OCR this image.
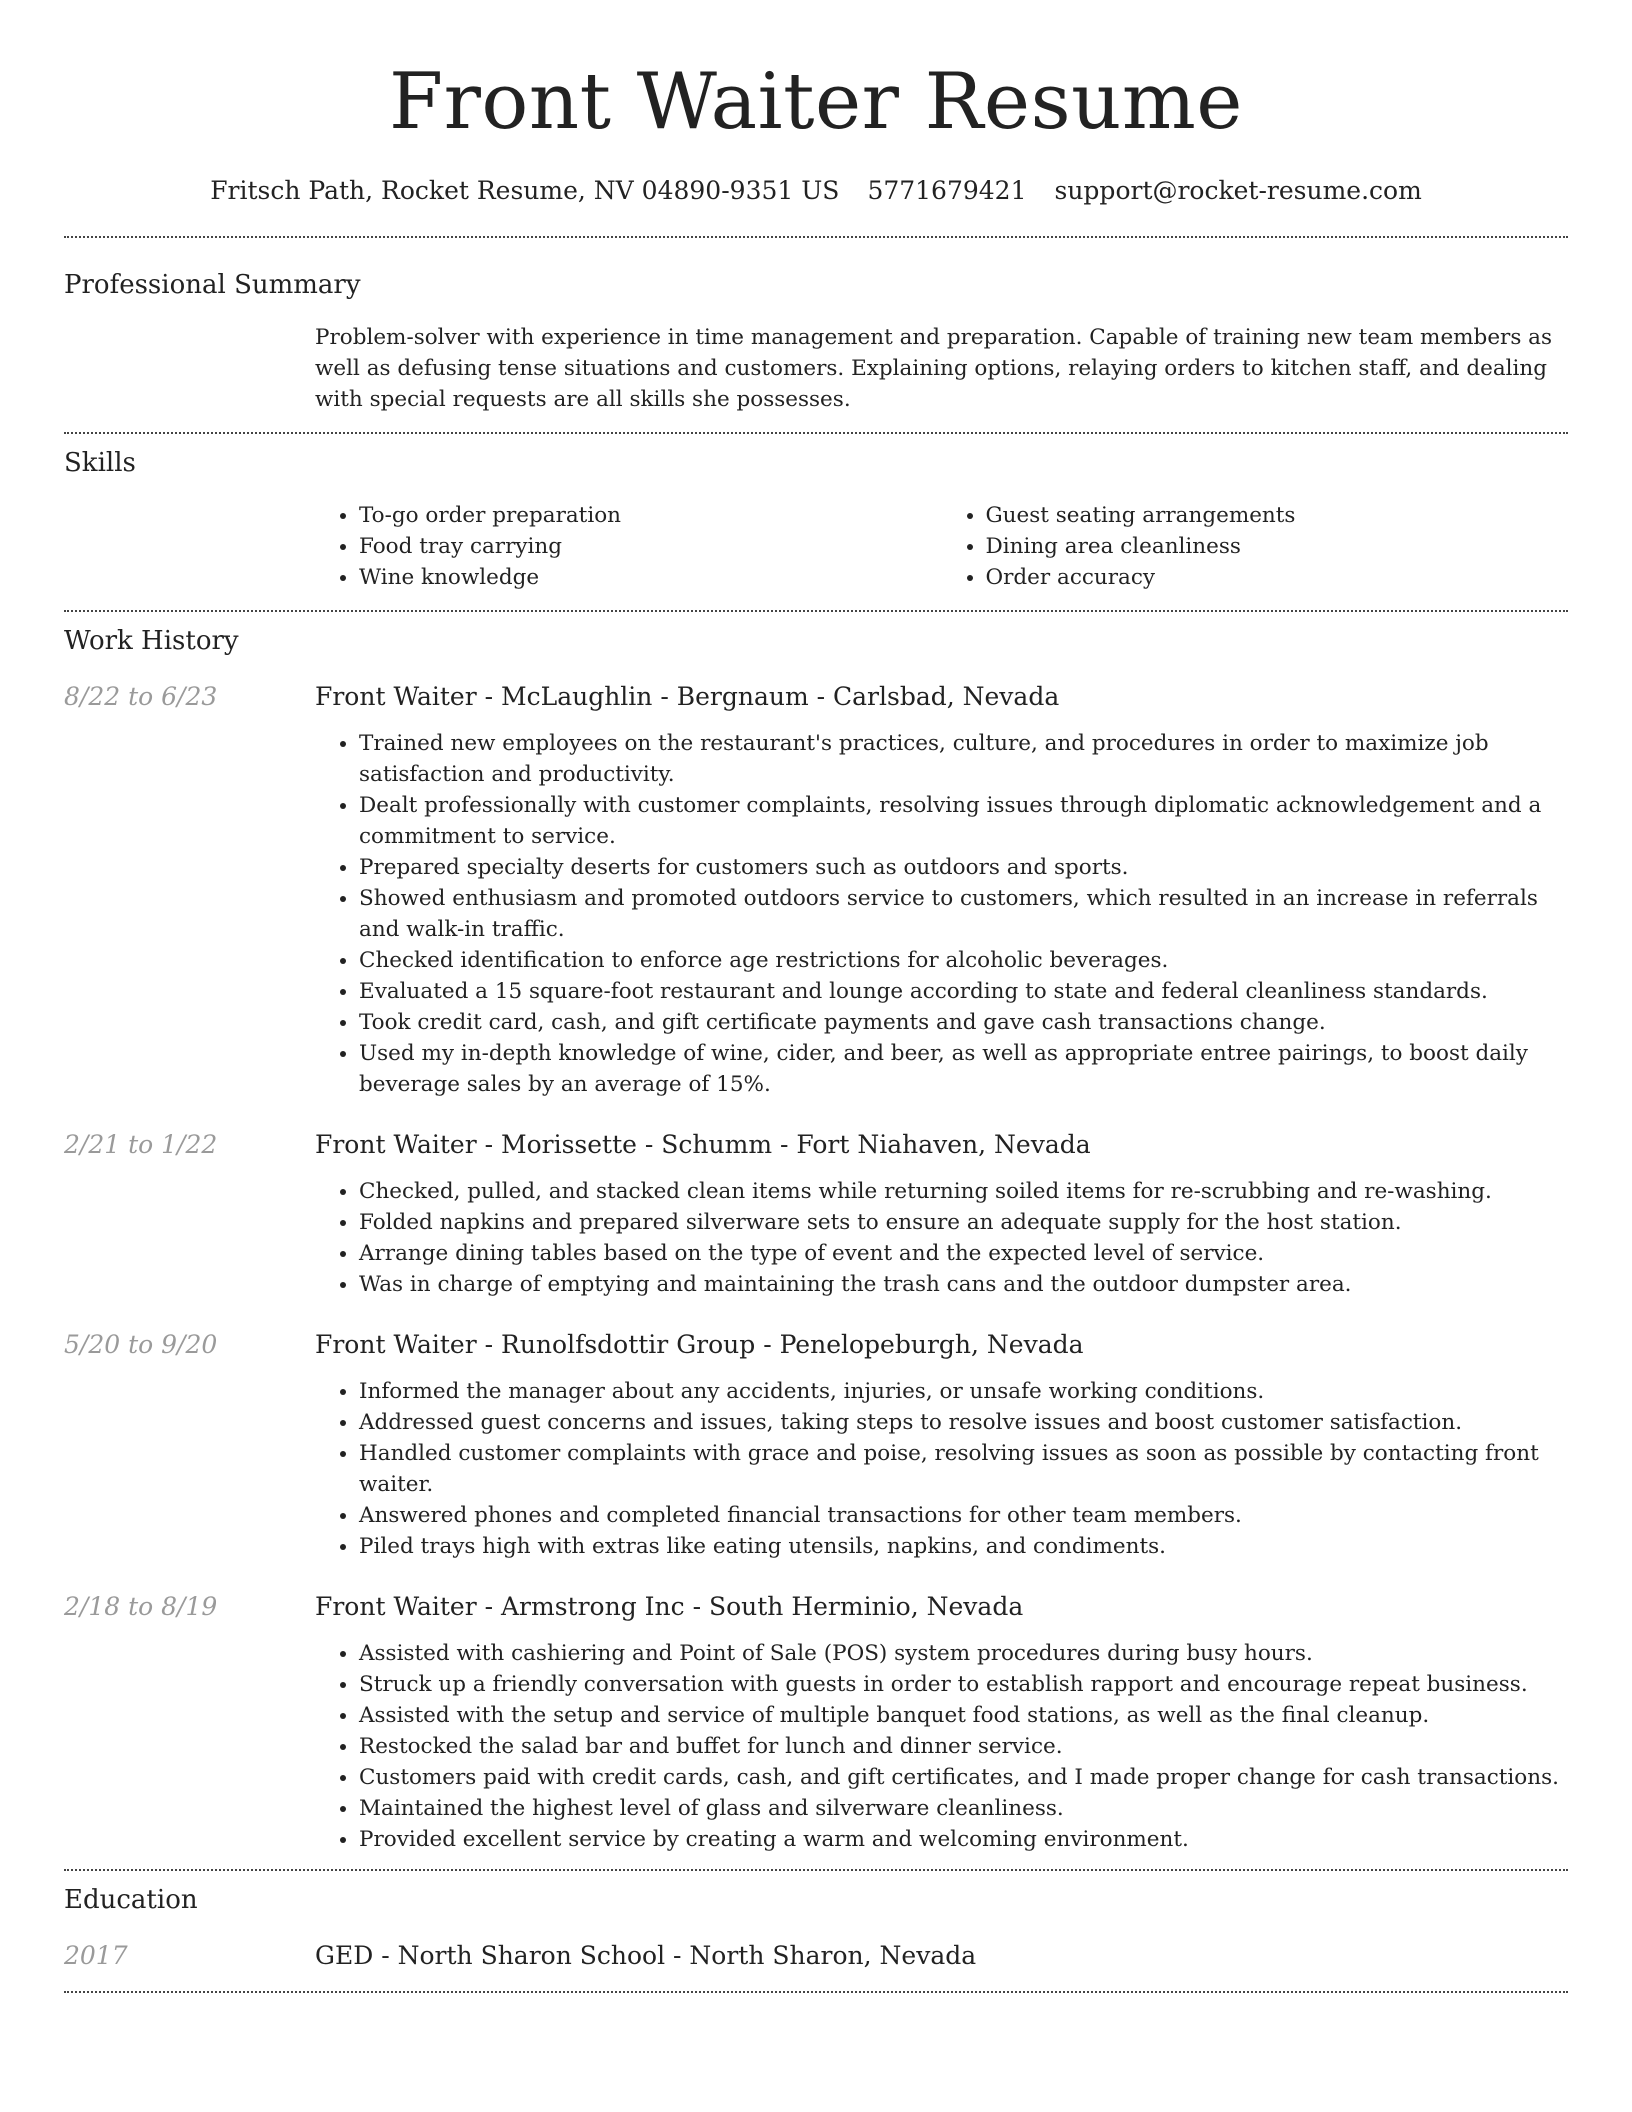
Front Waiter Resume
Fritsch Path, Rocket Resume, NV 04890-9351 US 5771679421 support@rocket-resume.com
Professional Summary
Problem-solver with experience in time management and preparation. Capable of training new team members as well as defusing tense situations and customers. Explaining options, relaying orders to kitchen staff, and dealing with special requests are all skills she possesses.
Skills
• To-go order preparation
• Food tray carrying
• Wine knowledge
• Guest seating arrangements
• Dining area cleanliness
• Order accuracy
Work History
8/22 to 6/23	Front Waiter - McLaughlin - Bergnaum - Carlsbad, Nevada
• Trained new employees on the restaurant's practices, culture, and procedures in order to maximize job satisfaction and productivity.
• Dealt professionally with customer complaints, resolving issues through diplomatic acknowledgement and a commitment to service.
• Prepared specialty deserts for customers such as outdoors and sports.
• Showed enthusiasm and promoted outdoors service to customers, which resulted in an increase in referrals and walk-in traffic.
• Checked identification to enforce age restrictions for alcoholic beverages.
• Evaluated a 15 square-foot restaurant and lounge according to state and federal cleanliness standards.
• Took credit card, cash, and gift certificate payments and gave cash transactions change.
• Used my in-depth knowledge of wine, cider, and beer, as well as appropriate entree pairings, to boost daily beverage sales by an average of 15%.
2/21 to 1/22	Front Waiter - Morissette - Schumm - Fort Niahaven, Nevada
• Checked, pulled, and stacked clean items while returning soiled items for re-scrubbing and re-washing.
• Folded napkins and prepared silverware sets to ensure an adequate supply for the host station.
• Arrange dining tables based on the type of event and the expected level of service.
• Was in charge of emptying and maintaining the trash cans and the outdoor dumpster area.
5/20 to 9/20	Front Waiter - Runolfsdottir Group - Penelopeburgh, Nevada
• Informed the manager about any accidents, injuries, or unsafe working conditions.
• Addressed guest concerns and issues, taking steps to resolve issues and boost customer satisfaction.
• Handled customer complaints with grace and poise, resolving issues as soon as possible by contacting front waiter.
• Answered phones and completed financial transactions for other team members.
• Piled trays high with extras like eating utensils, napkins, and condiments.
2/18 to 8/19	Front Waiter - Armstrong Inc - South Herminio, Nevada
• Assisted with cashiering and Point of Sale (POS) system procedures during busy hours.
• Struck up a friendly conversation with guests in order to establish rapport and encourage repeat business.
• Assisted with the setup and service of multiple banquet food stations, as well as the final cleanup.
• Restocked the salad bar and buffet for lunch and dinner service.
• Customers paid with credit cards, cash, and gift certificates, and I made proper change for cash transactions.
• Maintained the highest level of glass and silverware cleanliness.
• Provided excellent service by creating a warm and welcoming environment.
Education
2017	GED - North Sharon School - North Sharon, Nevada
